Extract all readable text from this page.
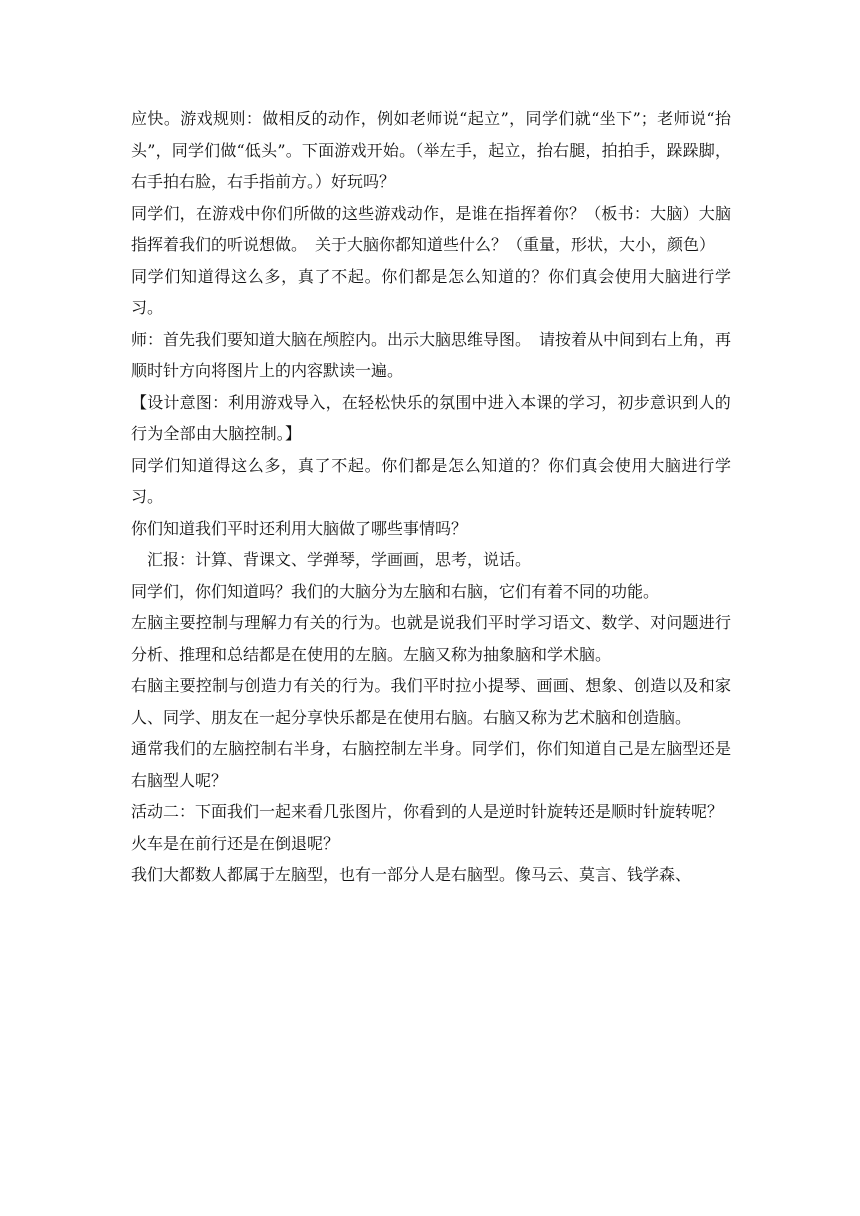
应快。游戏规则：做相反的动作，例如老师说“起立”，同学们就“坐下”；老师说“抬头”，同学们做“低头”。下面游戏开始。（举左手，起立，抬右腿，拍拍手，跺跺脚，右手拍右脸，右手指前方。）好玩吗？

同学们，在游戏中你们所做的这些游戏动作，是谁在指挥着你？（板书：大脑）大脑指挥着我们的听说想做。　关于大脑你都知道些什么？（重量，形状，大小，颜色）

同学们知道得这么多，真了不起。你们都是怎么知道的？你们真会使用大脑进行学习。

师：首先我们要知道大脑在颅腔内。出示大脑思维导图。　请按着从中间到右上角，再顺时针方向将图片上的内容默读一遍。

【设计意图：利用游戏导入，在轻松快乐的氛围中进入本课的学习，初步意识到人的行为全部由大脑控制。】

同学们知道得这么多，真了不起。你们都是怎么知道的？你们真会使用大脑进行学习。

你们知道我们平时还利用大脑做了哪些事情吗？

汇报：计算、背课文、学弹琴，学画画，思考，说话。

同学们，你们知道吗？我们的大脑分为左脑和右脑，它们有着不同的功能。

左脑主要控制与理解力有关的行为。也就是说我们平时学习语文、数学、对问题进行分析、推理和总结都是在使用的左脑。左脑又称为抽象脑和学术脑。

右脑主要控制与创造力有关的行为。我们平时拉小提琴、画画、想象、创造以及和家人、同学、朋友在一起分享快乐都是在使用右脑。右脑又称为艺术脑和创造脑。

通常我们的左脑控制右半身，右脑控制左半身。同学们，你们知道自己是左脑型还是右脑型人呢？

活动二：下面我们一起来看几张图片，你看到的人是逆时针旋转还是顺时针旋转呢？

火车是在前行还是在倒退呢？

我们大都数人都属于左脑型，也有一部分人是右脑型。像马云、莫言、钱学森、
